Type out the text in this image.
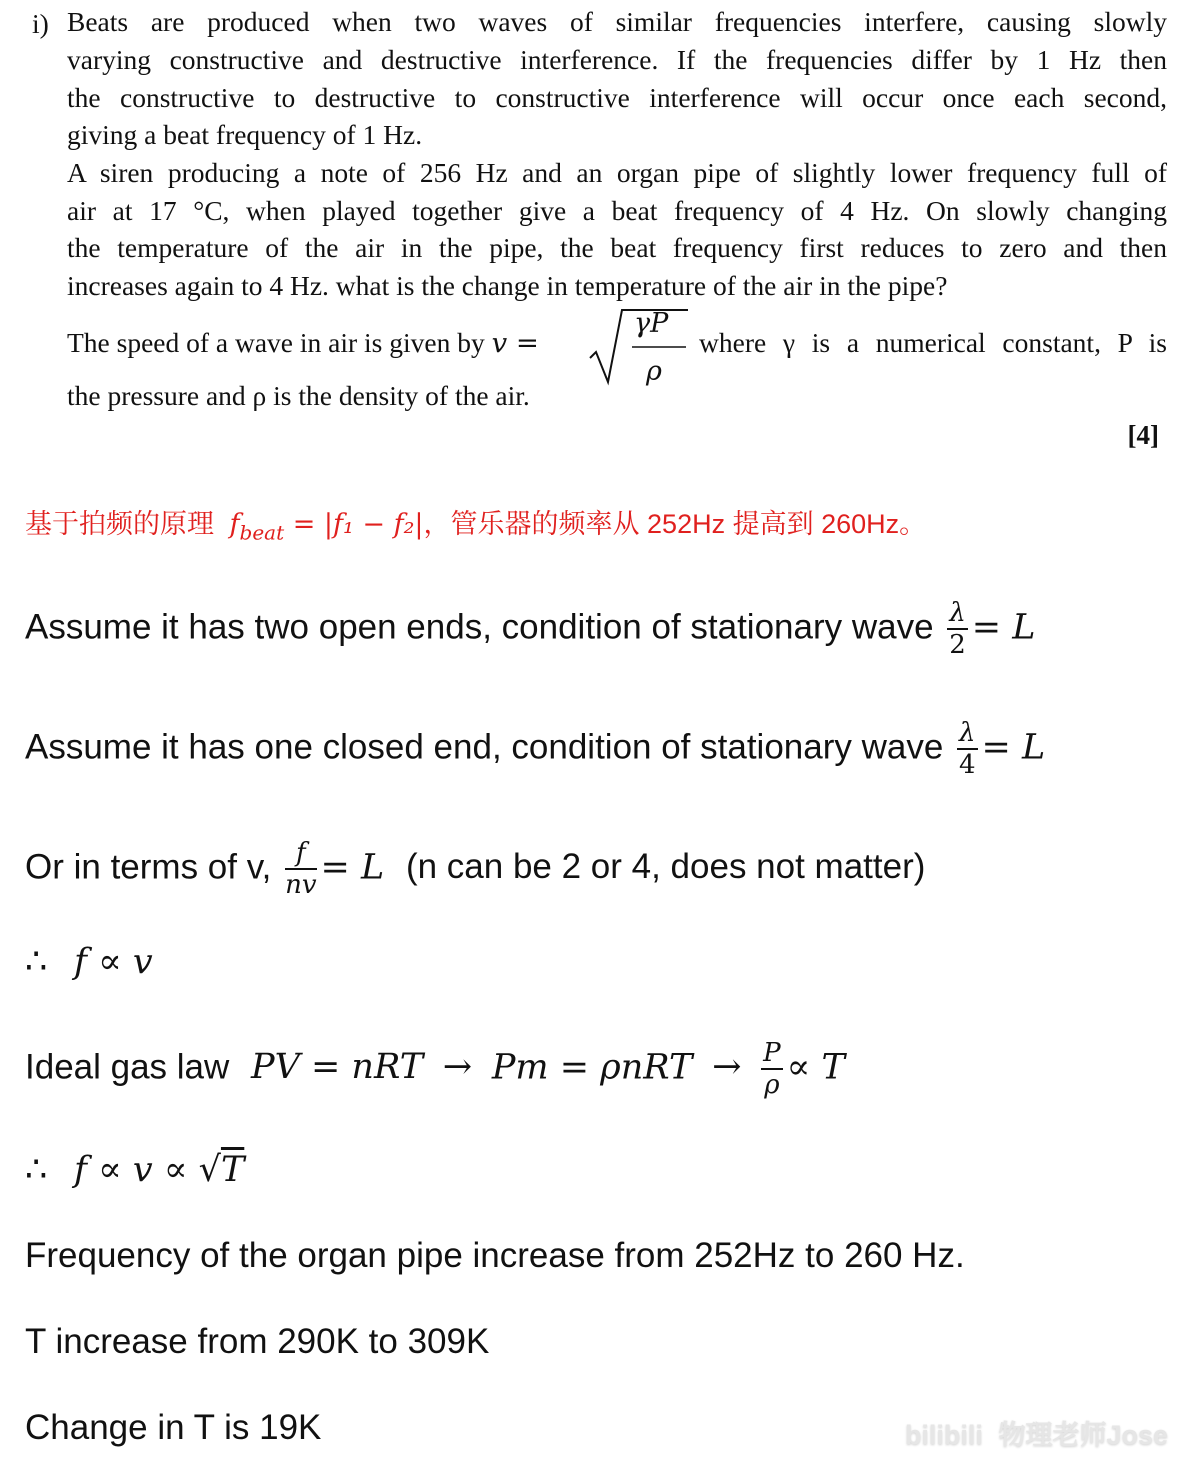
i) Beats are produced when two waves of similar frequencies interfere, causing slowly
varying constructive and destructive interference. If the frequencies differ by 1 Hz then
the constructive to destructive to constructive interference will occur once each second,
giving a beat frequency of 1 Hz.
A siren producing a note of 256 Hz and an organ pipe of slightly lower frequency full of
air at 17 °C, when played together give a beat frequency of 4 Hz. On slowly changing
the temperature of the air in the pipe, the beat frequency first reduces to zero and then
increases again to 4 Hz. what is the change in temperature of the air in the pipe?
The speed of a wave in air is given by v =
γP
ρ
where γ is a numerical constant, P is
the pressure and ρ is the density of the air.
[4]
基于拍频的原理 $f_{beat} = |f_1 - f_2|$，管乐器的频率从 252Hz 提高到 260Hz。
Assume it has two open ends, condition of stationary wave $\frac{\lambda}{2} = L$
Assume it has one closed end, condition of stationary wave $\frac{\lambda}{4} = L$
Or in terms of v, $\frac{f}{nv} = L$ (n can be 2 or 4, does not matter)
∴ f ∝ v
Ideal gas law PV = nRT → $Pm = \rho nRT \to \frac{P}{\rho} \propto T$
∴ f ∝ v ∝ √T
Frequency of the organ pipe increase from 252Hz to 260 Hz.
T increase from 290K to 309K
Change in T is 19K	bilibili 物理老师Jose
